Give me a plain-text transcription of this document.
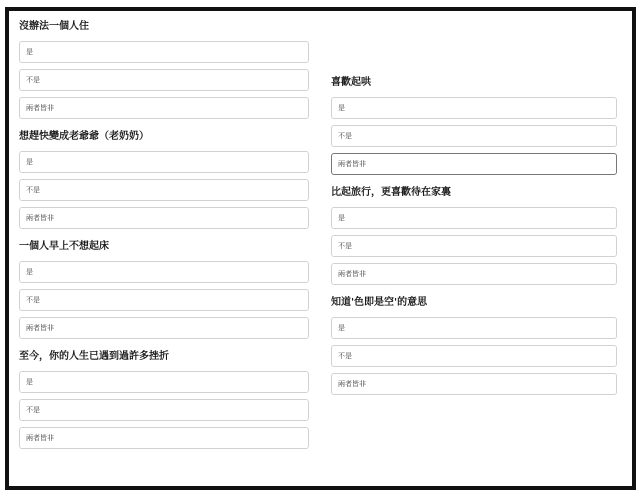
沒辦法一個人住
是
不是
兩者皆非
想趕快變成老爺爺（老奶奶）
是
不是
兩者皆非
一個人早上不想起床
是
不是
兩者皆非
至今，你的人生已遇到過許多挫折
是
不是
兩者皆非
喜歡起哄
是
不是
兩者皆非
比起旅行，更喜歡待在家裏
是
不是
兩者皆非
知道'色即是空'的意思
是
不是
兩者皆非
